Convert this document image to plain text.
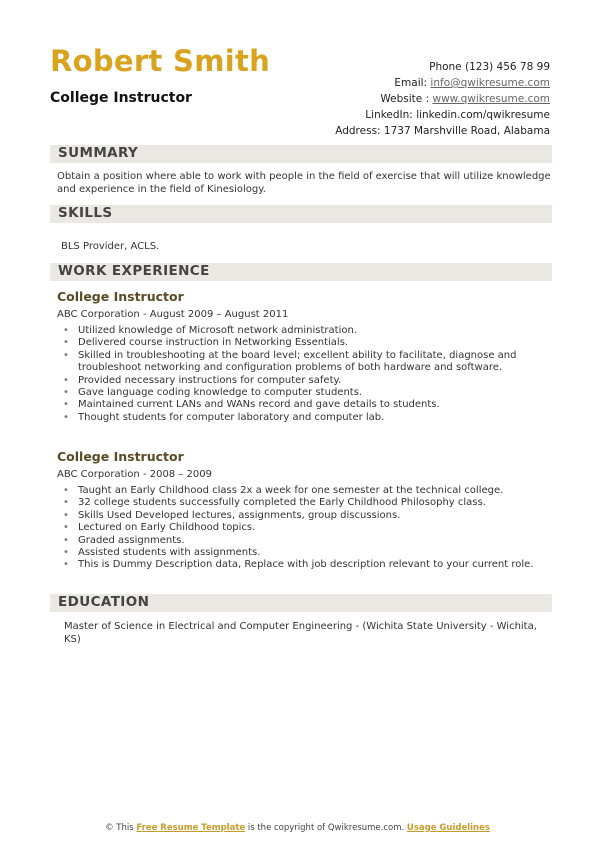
Robert Smith
College Instructor
Phone (123) 456 78 99
Email: info@qwikresume.com
Website : www.qwikresume.com
LinkedIn: linkedin.com/qwikresume
Address: 1737 Marshville Road, Alabama
SUMMARY
Obtain a position where able to work with people in the field of exercise that will utilize knowledge and experience in the field of Kinesiology.
SKILLS
BLS Provider, ACLS.
WORK EXPERIENCE
College Instructor
ABC Corporation - August 2009 – August 2011
• Utilized knowledge of Microsoft network administration.
• Delivered course instruction in Networking Essentials.
• Skilled in troubleshooting at the board level; excellent ability to facilitate, diagnose and troubleshoot networking and configuration problems of both hardware and software.
• Provided necessary instructions for computer safety.
• Gave language coding knowledge to computer students.
• Maintained current LANs and WANs record and gave details to students.
• Thought students for computer laboratory and computer lab.
College Instructor
ABC Corporation - 2008 – 2009
• Taught an Early Childhood class 2x a week for one semester at the technical college.
• 32 college students successfully completed the Early Childhood Philosophy class.
• Skills Used Developed lectures, assignments, group discussions.
• Lectured on Early Childhood topics.
• Graded assignments.
• Assisted students with assignments.
• This is Dummy Description data, Replace with job description relevant to your current role.
EDUCATION
Master of Science in Electrical and Computer Engineering - (Wichita State University - Wichita, KS)
© This Free Resume Template is the copyright of Qwikresume.com. Usage Guidelines
